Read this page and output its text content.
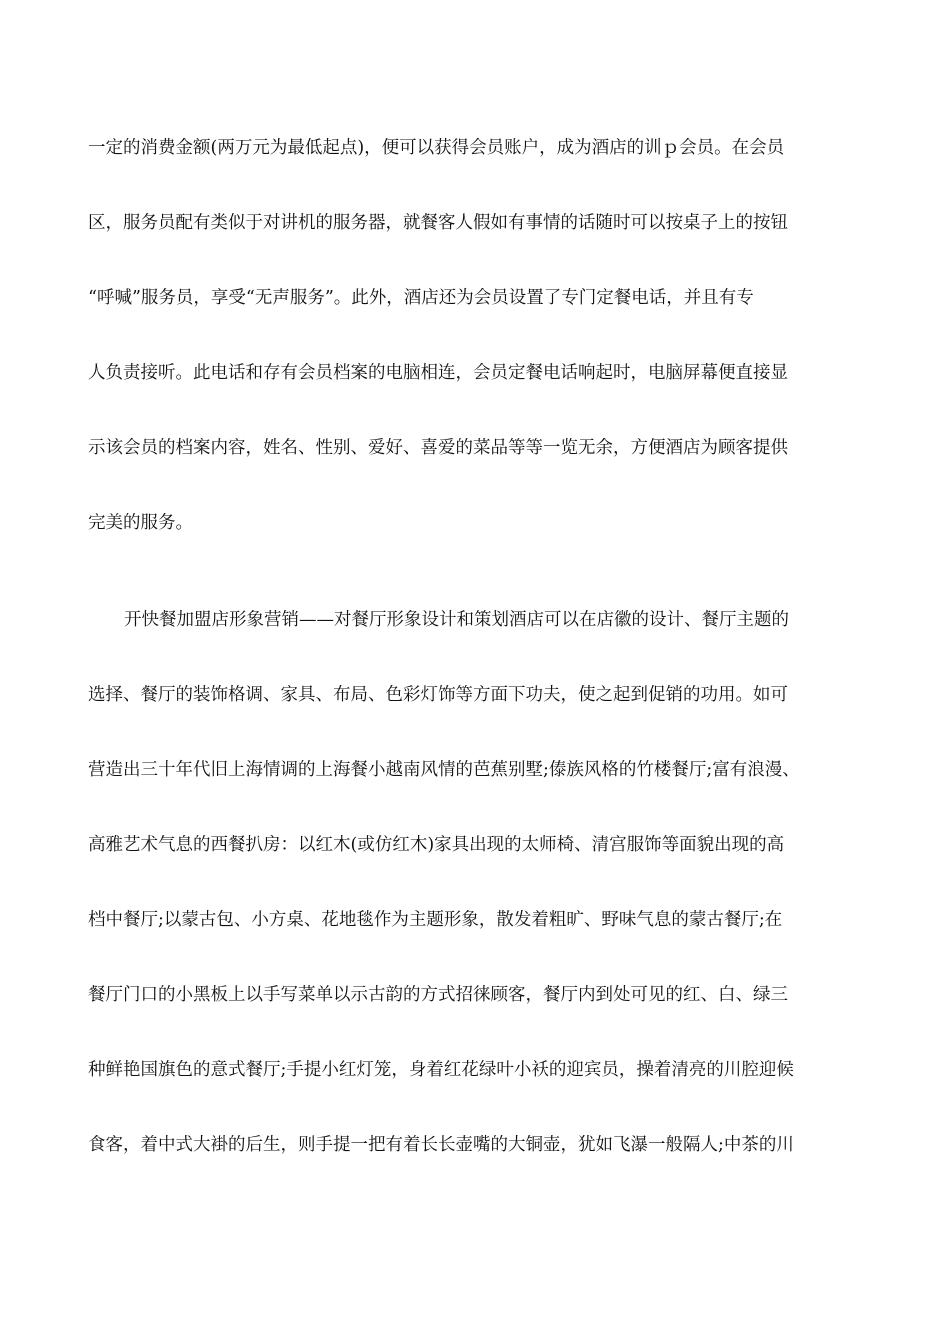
一定的消费金额(两万元为最低起点)，便可以获得会员账户，成为酒店的训ｐ会员。在会员
区，服务员配有类似于对讲机的服务器，就餐客人假如有事情的话随时可以按桌子上的按钮
“呼喊”服务员，享受“无声服务”。此外，酒店还为会员设置了专门定餐电话，并且有专
人负责接听。此电话和存有会员档案的电脑相连，会员定餐电话响起时，电脑屏幕便直接显
示该会员的档案内容，姓名、性别、爱好、喜爱的菜品等等一览无余，方便酒店为顾客提供
完美的服务。
开快餐加盟店形象营销——对餐厅形象设计和策划酒店可以在店徽的设计、餐厅主题的
选择、餐厅的装饰格调、家具、布局、色彩灯饰等方面下功夫，使之起到促销的功用。如可
营造出三十年代旧上海情调的上海餐小越南风情的芭蕉别墅;傣族风格的竹楼餐厅;富有浪漫、
高雅艺术气息的西餐扒房：以红木(或仿红木)家具出现的太师椅、清宫服饰等面貌出现的高
档中餐厅;以蒙古包、小方桌、花地毯作为主题形象，散发着粗旷、野味气息的蒙古餐厅;在
餐厅门口的小黑板上以手写菜单以示古韵的方式招徕顾客，餐厅内到处可见的红、白、绿三
种鲜艳国旗色的意式餐厅;手提小红灯笼，身着红花绿叶小袄的迎宾员，操着清亮的川腔迎候
食客，着中式大褂的后生，则手提一把有着长长壶嘴的大铜壶，犹如飞瀑一般隔人;中茶的川
